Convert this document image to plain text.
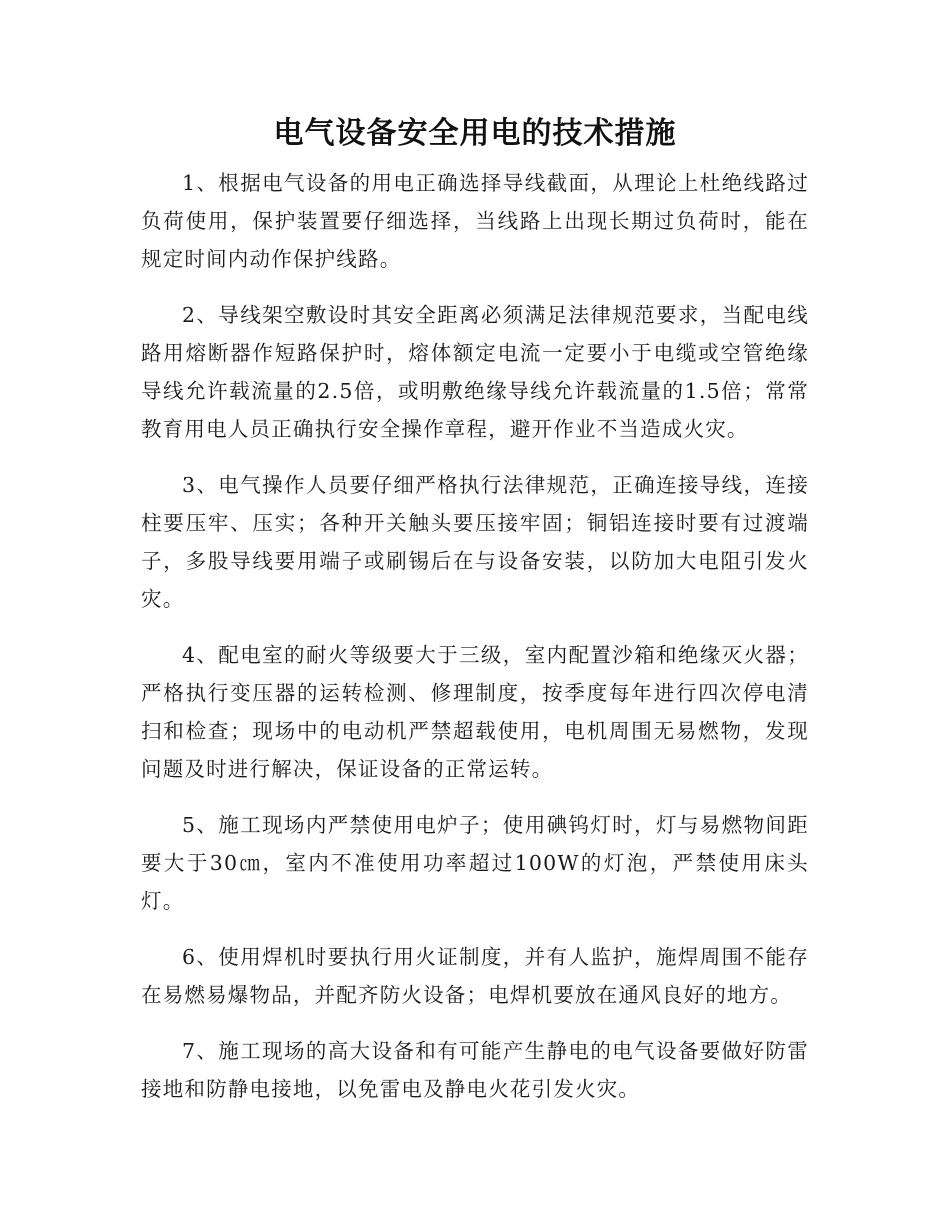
电气设备安全用电的技术措施

1、根据电气设备的用电正确选择导线截面，从理论上杜绝线路过负荷使用，保护装置要仔细选择，当线路上出现长期过负荷时，能在规定时间内动作保护线路。

2、导线架空敷设时其安全距离必须满足法律规范要求，当配电线路用熔断器作短路保护时，熔体额定电流一定要小于电缆或空管绝缘导线允许载流量的2.5倍，或明敷绝缘导线允许载流量的1.5倍；常常教育用电人员正确执行安全操作章程，避开作业不当造成火灾。

3、电气操作人员要仔细严格执行法律规范，正确连接导线，连接柱要压牢、压实；各种开关触头要压接牢固；铜铝连接时要有过渡端子，多股导线要用端子或刷锡后在与设备安装，以防加大电阻引发火灾。

4、配电室的耐火等级要大于三级，室内配置沙箱和绝缘灭火器；严格执行变压器的运转检测、修理制度，按季度每年进行四次停电清扫和检查；现场中的电动机严禁超载使用，电机周围无易燃物，发现问题及时进行解决，保证设备的正常运转。

5、施工现场内严禁使用电炉子；使用碘钨灯时，灯与易燃物间距要大于30㎝，室内不准使用功率超过100W的灯泡，严禁使用床头灯。

6、使用焊机时要执行用火证制度，并有人监护，施焊周围不能存在易燃易爆物品，并配齐防火设备；电焊机要放在通风良好的地方。

7、施工现场的高大设备和有可能产生静电的电气设备要做好防雷接地和防静电接地，以免雷电及静电火花引发火灾。
